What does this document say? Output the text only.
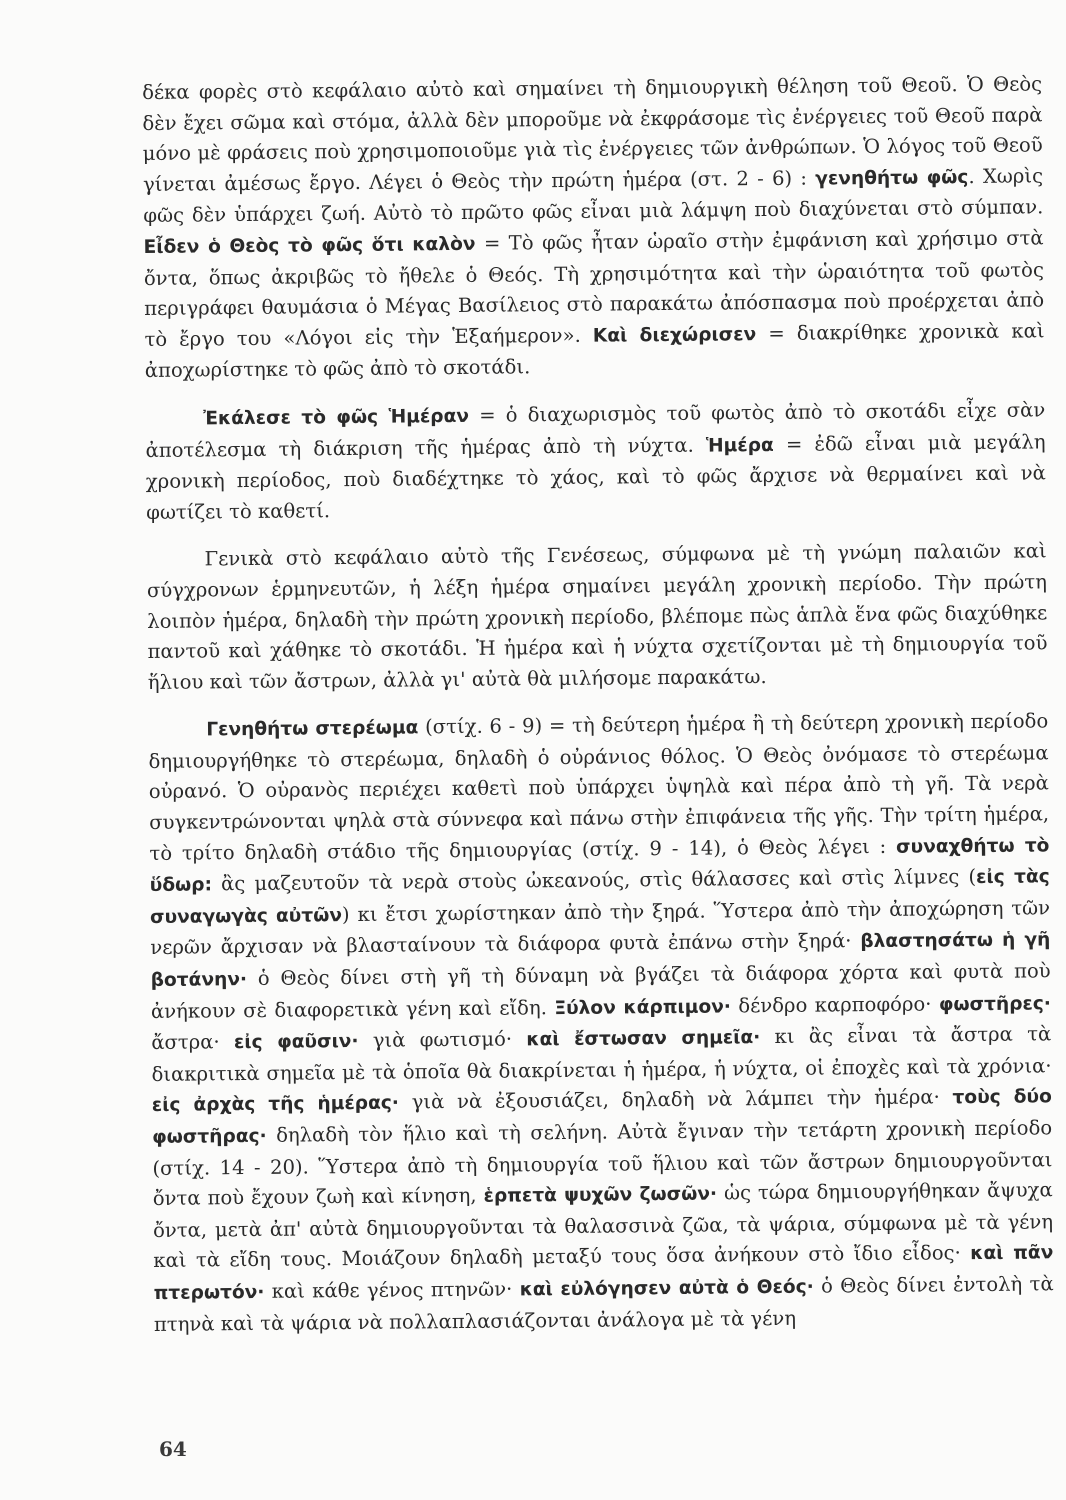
δέκα φορὲς στὸ κεφάλαιο αὐτὸ καὶ σημαίνει τὴ δημιουργικὴ θέληση τοῦ Θεοῦ. Ὁ Θεὸς δὲν ἔχει σῶμα καὶ στόμα, ἀλλὰ δὲν μποροῦμε νὰ ἐκφράσομε τὶς ἐνέργειες τοῦ Θεοῦ παρὰ μόνο μὲ φράσεις ποὺ χρησιμοποιοῦμε γιὰ τὶς ἐνέργειες τῶν ἀνθρώπων. Ὁ λόγος τοῦ Θεοῦ γίνεται ἀμέσως ἔργο. Λέγει ὁ Θεὸς τὴν πρώτη ἡμέρα (στ. 2 - 6) : γενηθήτω φῶς. Χωρὶς φῶς δὲν ὑπάρχει ζωή. Αὐτὸ τὸ πρῶτο φῶς εἶναι μιὰ λάμψη ποὺ διαχύνεται στὸ σύμπαν. Εἶδεν ὁ Θεὸς τὸ φῶς ὅτι καλὸν = Τὸ φῶς ἦταν ὡραῖο στὴν ἐμφάνιση καὶ χρήσιμο στὰ ὄντα, ὅπως ἀκριβῶς τὸ ἤθελε ὁ Θεός. Τὴ χρησιμότητα καὶ τὴν ὡραιότητα τοῦ φωτὸς περιγράφει θαυμάσια ὁ Μέγας Βασίλειος στὸ παρακάτω ἀπόσπασμα ποὺ προέρχεται ἀπὸ τὸ ἔργο του «Λόγοι εἰς τὴν Ἑξαήμερον». Καὶ διεχώρισεν = διακρίθηκε χρονικὰ καὶ ἀποχωρίστηκε τὸ φῶς ἀπὸ τὸ σκοτάδι.

Ἐκάλεσε τὸ φῶς Ἡμέραν = ὁ διαχωρισμὸς τοῦ φωτὸς ἀπὸ τὸ σκοτάδι εἶχε σὰν ἀποτέλεσμα τὴ διάκριση τῆς ἡμέρας ἀπὸ τὴ νύχτα. Ἡμέρα = ἐδῶ εἶναι μιὰ μεγάλη χρονικὴ περίοδος, ποὺ διαδέχτηκε τὸ χάος, καὶ τὸ φῶς ἄρχισε νὰ θερμαίνει καὶ νὰ φωτίζει τὸ καθετί.

Γενικὰ στὸ κεφάλαιο αὐτὸ τῆς Γενέσεως, σύμφωνα μὲ τὴ γνώμη παλαιῶν καὶ σύγχρονων ἑρμηνευτῶν, ἡ λέξη ἡμέρα σημαίνει μεγάλη χρονικὴ περίοδο. Τὴν πρώτη λοιπὸν ἡμέρα, δηλαδὴ τὴν πρώτη χρονικὴ περίοδο, βλέπομε πὼς ἁπλὰ ἕνα φῶς διαχύθηκε παντοῦ καὶ χάθηκε τὸ σκοτάδι. Ἡ ἡμέρα καὶ ἡ νύχτα σχετίζονται μὲ τὴ δημιουργία τοῦ ἥλιου καὶ τῶν ἄστρων, ἀλλὰ γι' αὐτὰ θὰ μιλήσομε παρακάτω.

Γενηθήτω στερέωμα (στίχ. 6 - 9) = τὴ δεύτερη ἡμέρα ἢ τὴ δεύτερη χρονικὴ περίοδο δημιουργήθηκε τὸ στερέωμα, δηλαδὴ ὁ οὐράνιος θόλος. Ὁ Θεὸς ὀνόμασε τὸ στερέωμα οὐρανό. Ὁ οὐρανὸς περιέχει καθετὶ ποὺ ὑπάρχει ὑψηλὰ καὶ πέρα ἀπὸ τὴ γῆ. Τὰ νερὰ συγκεντρώνονται ψηλὰ στὰ σύννεφα καὶ πάνω στὴν ἐπιφάνεια τῆς γῆς. Τὴν τρίτη ἡμέρα, τὸ τρίτο δηλαδὴ στάδιο τῆς δημιουργίας (στίχ. 9 - 14), ὁ Θεὸς λέγει : συναχθήτω τὸ ὕδωρ: ἂς μαζευτοῦν τὰ νερὰ στοὺς ὠκεανούς, στὶς θάλασσες καὶ στὶς λίμνες (εἰς τὰς συναγωγὰς αὐτῶν) κι ἔτσι χωρίστηκαν ἀπὸ τὴν ξηρά. Ὕστερα ἀπὸ τὴν ἀποχώρηση τῶν νερῶν ἄρχισαν νὰ βλασταίνουν τὰ διάφορα φυτὰ ἐπάνω στὴν ξηρά· βλαστησάτω ἡ γῆ βοτάνην· ὁ Θεὸς δίνει στὴ γῆ τὴ δύναμη νὰ βγάζει τὰ διάφορα χόρτα καὶ φυτὰ ποὺ ἀνήκουν σὲ διαφορετικὰ γένη καὶ εἴδη. Ξύλον κάρπιμον· δένδρο καρποφόρο· φωστῆρες· ἄστρα· εἰς φαῦσιν· γιὰ φωτισμό· καὶ ἔστωσαν σημεῖα· κι ἂς εἶναι τὰ ἄστρα τὰ διακριτικὰ σημεῖα μὲ τὰ ὁποῖα θὰ διακρίνεται ἡ ἡμέρα, ἡ νύχτα, οἱ ἐποχὲς καὶ τὰ χρόνια· εἰς ἀρχὰς τῆς ἡμέρας· γιὰ νὰ ἐξουσιάζει, δηλαδὴ νὰ λάμπει τὴν ἡμέρα· τοὺς δύο φωστῆρας· δηλαδὴ τὸν ἥλιο καὶ τὴ σελήνη. Αὐτὰ ἔγιναν τὴν τετάρτη χρονικὴ περίοδο (στίχ. 14 - 20). Ὕστερα ἀπὸ τὴ δημιουργία τοῦ ἥλιου καὶ τῶν ἄστρων δημιουργοῦνται ὄντα ποὺ ἔχουν ζωὴ καὶ κίνηση, ἑρπετὰ ψυχῶν ζωσῶν· ὡς τώρα δημιουργήθηκαν ἄψυχα ὄντα, μετὰ ἀπ' αὐτὰ δημιουργοῦνται τὰ θαλασσινὰ ζῶα, τὰ ψάρια, σύμφωνα μὲ τὰ γένη καὶ τὰ εἴδη τους. Μοιάζουν δηλαδὴ μεταξύ τους ὅσα ἀνήκουν στὸ ἴδιο εἶδος· καὶ πᾶν πτερωτόν· καὶ κάθε γένος πτηνῶν· καὶ εὐλόγησεν αὐτὰ ὁ Θεός· ὁ Θεὸς δίνει ἐντολὴ τὰ πτηνὰ καὶ τὰ ψάρια νὰ πολλαπλασιάζονται ἀνάλογα μὲ τὰ γένη

64
